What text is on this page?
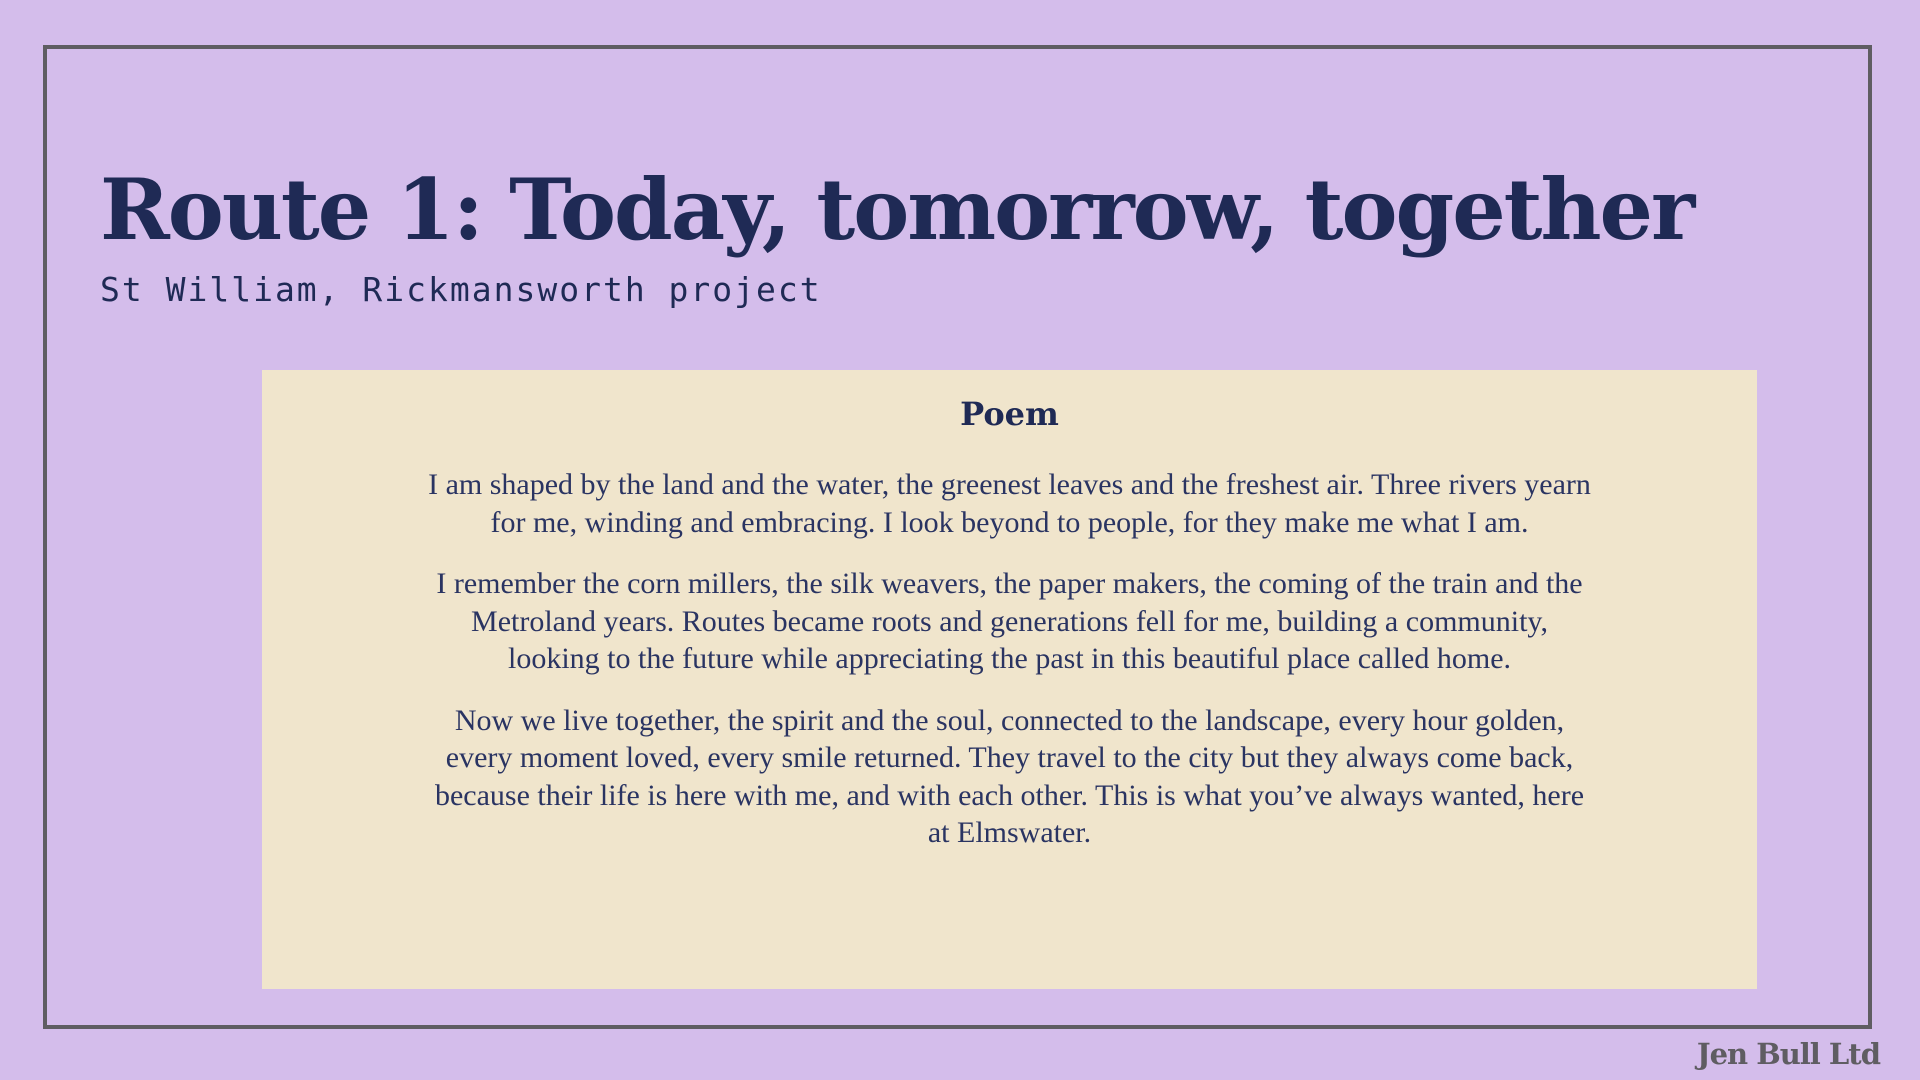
Route 1: Today, tomorrow, together

St William, Rickmansworth project

Poem

I am shaped by the land and the water, the greenest leaves and the freshest air. Three rivers yearn for me, winding and embracing. I look beyond to people, for they make me what I am.

I remember the corn millers, the silk weavers, the paper makers, the coming of the train and the Metroland years. Routes became roots and generations fell for me, building a community, looking to the future while appreciating the past in this beautiful place called home.

Now we live together, the spirit and the soul, connected to the landscape, every hour golden, every moment loved, every smile returned. They travel to the city but they always come back, because their life is here with me, and with each other. This is what you’ve always wanted, here at Elmswater.

Jen Bull Ltd
